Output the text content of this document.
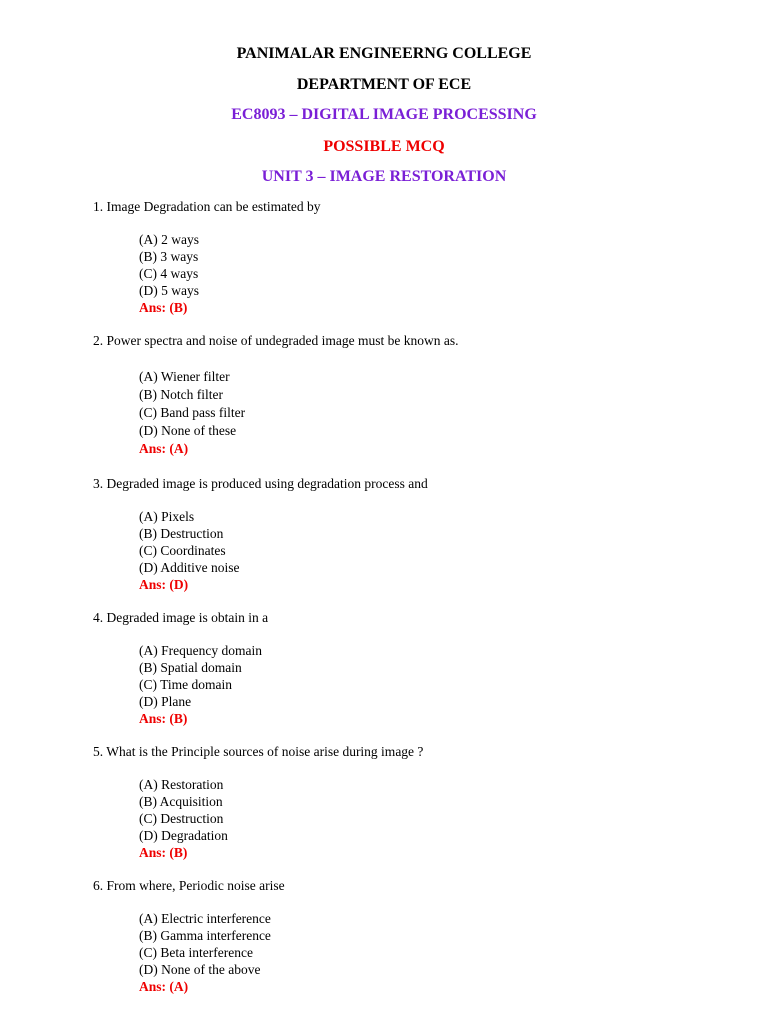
PANIMALAR ENGINEERNG COLLEGE
DEPARTMENT OF ECE
EC8093 – DIGITAL IMAGE PROCESSING
POSSIBLE MCQ
UNIT 3 – IMAGE RESTORATION
1. Image Degradation can be estimated by
(A) 2 ways
(B) 3 ways
(C) 4 ways
(D) 5 ways
Ans: (B)
2. Power spectra and noise of undegraded image must be known as.
(A) Wiener filter
(B) Notch filter
(C) Band pass filter
(D) None of these
Ans: (A)
3. Degraded image is produced using degradation process and
(A) Pixels
(B) Destruction
(C) Coordinates
(D) Additive noise
Ans: (D)
4. Degraded image is obtain in a
(A) Frequency domain
(B) Spatial domain
(C) Time domain
(D) Plane
Ans: (B)
5. What is the Principle sources of noise arise during image ?
(A) Restoration
(B) Acquisition
(C) Destruction
(D) Degradation
Ans: (B)
6. From where, Periodic noise arise
(A) Electric interference
(B) Gamma interference
(C) Beta interference
(D) None of the above
Ans: (A)
